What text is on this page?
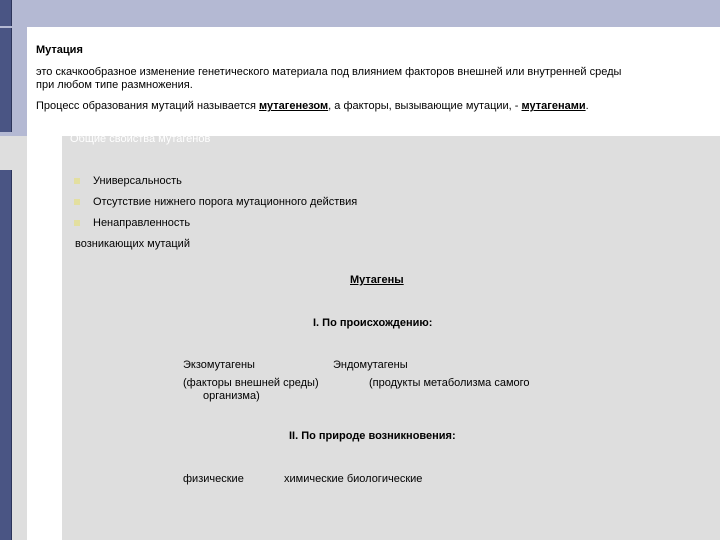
Мутация
это скачкообразное изменение генетического материала под влиянием факторов внешней или внутренней среды
при любом типе размножения.
Процесс образования мутаций называется мутагенезом, а факторы, вызывающие мутации, - мутагенами.
Общие свойства мутагенов
Универсальность
Отсутствие нижнего порога мутационного действия
Ненаправленность
возникающих мутаций
Мутагены
I. По происхождению:
Экзомутагены	Эндомутагены
(факторы внешней среды)	(продукты метаболизма самого
организма)
II. По природе возникновения:
физические	химические биологические
